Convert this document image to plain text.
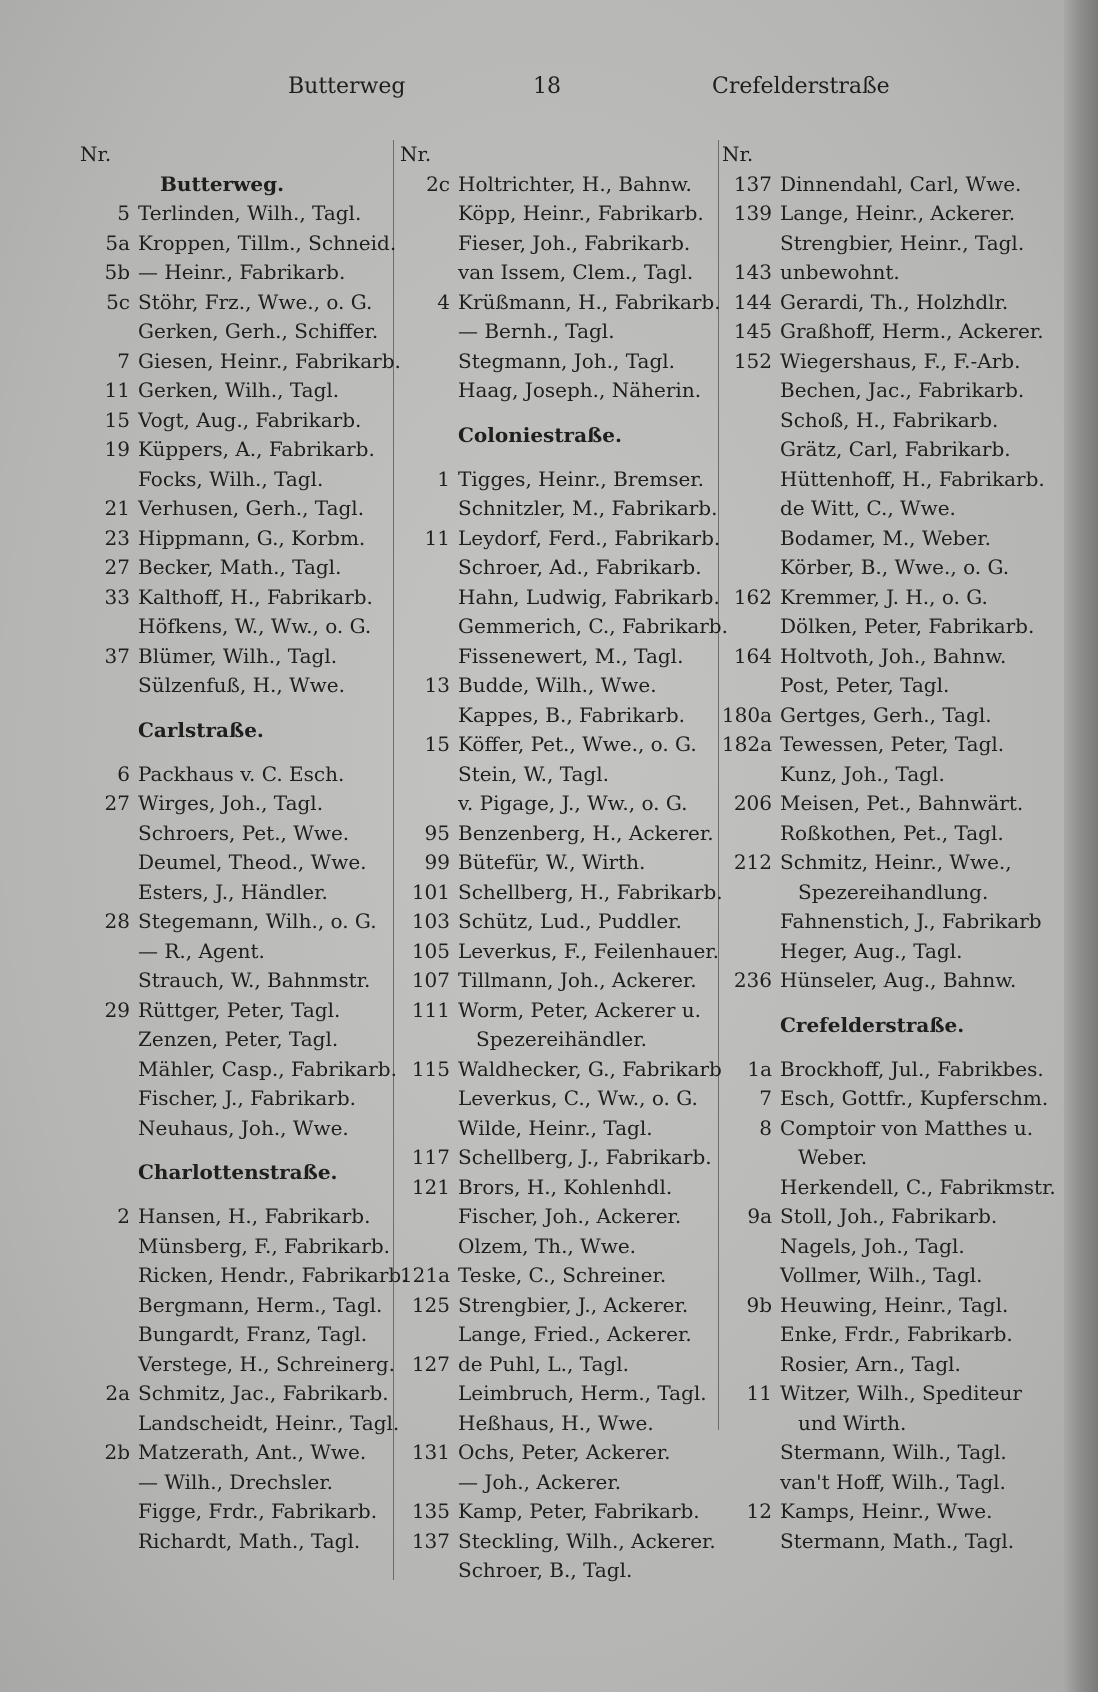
Butterweg	18	Crefelderstraße
Nr.
Butterweg.
5 Terlinden, Wilh., Tagl.
5a Kroppen, Tillm., Schneid.
5b — Heinr., Fabrikarb.
5c Stöhr, Frz., Wwe., o. G.
Gerken, Gerh., Schiffer.
7 Giesen, Heinr., Fabrikarb.
11 Gerken, Wilh., Tagl.
15 Vogt, Aug., Fabrikarb.
19 Küppers, A., Fabrikarb.
Focks, Wilh., Tagl.
21 Verhusen, Gerh., Tagl.
23 Hippmann, G., Korbm.
27 Becker, Math., Tagl.
33 Kalthoff, H., Fabrikarb.
Höfkens, W., Ww., o. G.
37 Blümer, Wilh., Tagl.
Sülzenfuß, H., Wwe.
Carlstraße.
6 Packhaus v. C. Esch.
27 Wirges, Joh., Tagl.
Schroers, Pet., Wwe.
Deumel, Theod., Wwe.
Esters, J., Händler.
28 Stegemann, Wilh., o. G.
— R., Agent.
Strauch, W., Bahnmstr.
29 Rüttger, Peter, Tagl.
Zenzen, Peter, Tagl.
Mähler, Casp., Fabrikarb.
Fischer, J., Fabrikarb.
Neuhaus, Joh., Wwe.
Charlottenstraße.
2 Hansen, H., Fabrikarb.
Münsberg, F., Fabrikarb.
Ricken, Hendr., Fabrikarb.
Bergmann, Herm., Tagl.
Bungardt, Franz, Tagl.
Verstege, H., Schreinerg.
2a Schmitz, Jac., Fabrikarb.
Landscheidt, Heinr., Tagl.
2b Matzerath, Ant., Wwe.
— Wilh., Drechsler.
Figge, Frdr., Fabrikarb.
Richardt, Math., Tagl.
Nr.
2c Holtrichter, H., Bahnw.
Köpp, Heinr., Fabrikarb.
Fieser, Joh., Fabrikarb.
van Issem, Clem., Tagl.
4 Krüßmann, H., Fabrikarb.
— Bernh., Tagl.
Stegmann, Joh., Tagl.
Haag, Joseph., Näherin.
Coloniestraße.
1 Tigges, Heinr., Bremser.
Schnitzler, M., Fabrikarb.
11 Leydorf, Ferd., Fabrikarb.
Schroer, Ad., Fabrikarb.
Hahn, Ludwig, Fabrikarb.
Gemmerich, C., Fabrikarb.
Fissenewert, M., Tagl.
13 Budde, Wilh., Wwe.
Kappes, B., Fabrikarb.
15 Köffer, Pet., Wwe., o. G.
Stein, W., Tagl.
v. Pigage, J., Ww., o. G.
95 Benzenberg, H., Ackerer.
99 Bütefür, W., Wirth.
101 Schellberg, H., Fabrikarb.
103 Schütz, Lud., Puddler.
105 Leverkus, F., Feilenhauer.
107 Tillmann, Joh., Ackerer.
111 Worm, Peter, Ackerer u.
Spezereihändler.
115 Waldhecker, G., Fabrikarb
Leverkus, C., Ww., o. G.
Wilde, Heinr., Tagl.
117 Schellberg, J., Fabrikarb.
121 Brors, H., Kohlenhdl.
Fischer, Joh., Ackerer.
Olzem, Th., Wwe.
121a Teske, C., Schreiner.
125 Strengbier, J., Ackerer.
Lange, Fried., Ackerer.
127 de Puhl, L., Tagl.
Leimbruch, Herm., Tagl.
Heßhaus, H., Wwe.
131 Ochs, Peter, Ackerer.
— Joh., Ackerer.
135 Kamp, Peter, Fabrikarb.
137 Steckling, Wilh., Ackerer.
Schroer, B., Tagl.
Nr.
137 Dinnendahl, Carl, Wwe.
139 Lange, Heinr., Ackerer.
Strengbier, Heinr., Tagl.
143 unbewohnt.
144 Gerardi, Th., Holzhdlr.
145 Graßhoff, Herm., Ackerer.
152 Wiegershaus, F., F.-Arb.
Bechen, Jac., Fabrikarb.
Schoß, H., Fabrikarb.
Grätz, Carl, Fabrikarb.
Hüttenhoff, H., Fabrikarb.
de Witt, C., Wwe.
Bodamer, M., Weber.
Körber, B., Wwe., o. G.
162 Kremmer, J. H., o. G.
Dölken, Peter, Fabrikarb.
164 Holtvoth, Joh., Bahnw.
Post, Peter, Tagl.
180a Gertges, Gerh., Tagl.
182a Tewessen, Peter, Tagl.
Kunz, Joh., Tagl.
206 Meisen, Pet., Bahnwärt.
Roßkothen, Pet., Tagl.
212 Schmitz, Heinr., Wwe.,
Spezereihandlung.
Fahnenstich, J., Fabrikarb
Heger, Aug., Tagl.
236 Hünseler, Aug., Bahnw.
Crefelderstraße.
1a Brockhoff, Jul., Fabrikbes.
7 Esch, Gottfr., Kupferschm.
8 Comptoir von Matthes u.
Weber.
Herkendell, C., Fabrikmstr.
9a Stoll, Joh., Fabrikarb.
Nagels, Joh., Tagl.
Vollmer, Wilh., Tagl.
9b Heuwing, Heinr., Tagl.
Enke, Frdr., Fabrikarb.
Rosier, Arn., Tagl.
11 Witzer, Wilh., Spediteur
und Wirth.
Stermann, Wilh., Tagl.
van't Hoff, Wilh., Tagl.
12 Kamps, Heinr., Wwe.
Stermann, Math., Tagl.
